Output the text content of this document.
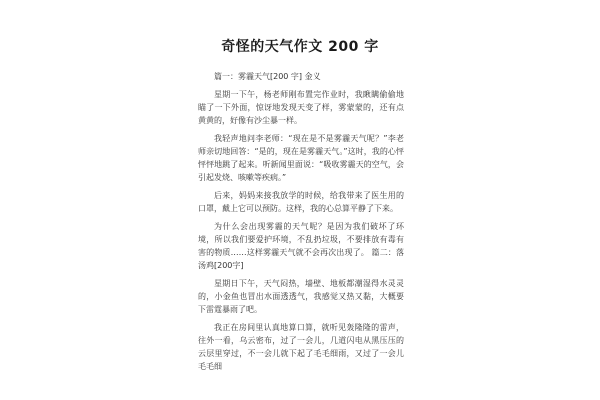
奇怪的天气作文 200 字

篇一：雾霾天气[200 字] 金义

星期一下午，杨老师刚布置完作业时，我瞅瞒偷偷地瞄了一下外面，惊讶地发现天变了样，雾蒙蒙的，还有点黄黄的，好像有沙尘暴一样。

我轻声地问李老师：“现在是不是雾霾天气呢？”李老师亲切地回答：“是的，现在是雾霾天气。”这时，我的心怦怦怦地跳了起来。听新闻里面说：“吸收雾霾天的空气，会引起发烧、咳嗽等疾病。”

后来，妈妈来接我放学的时候，给我带来了医生用的口罩，戴上它可以预防。这样，我的心总算平静了下来。

为什么会出现雾霾的天气呢？是因为我们破坏了环境，所以我们要爱护环境，不乱扔垃圾，不要排放有毒有害的物质……这样雾霾天气就不会再次出现了。 篇二：落汤鸡[200字]

星期日下午，天气闷热，墙壁、地板都潮湿得水灵灵的，小金鱼也冒出水面透透气，我感觉又热又黏，大概要下雷霆暴雨了吧。

我正在房间里认真地算口算，就听见轰隆隆的雷声，往外一看，乌云密布，过了一会儿，几道闪电从黑压压的云层里穿过，不一会儿就下起了毛毛细雨，又过了一会儿毛毛细
